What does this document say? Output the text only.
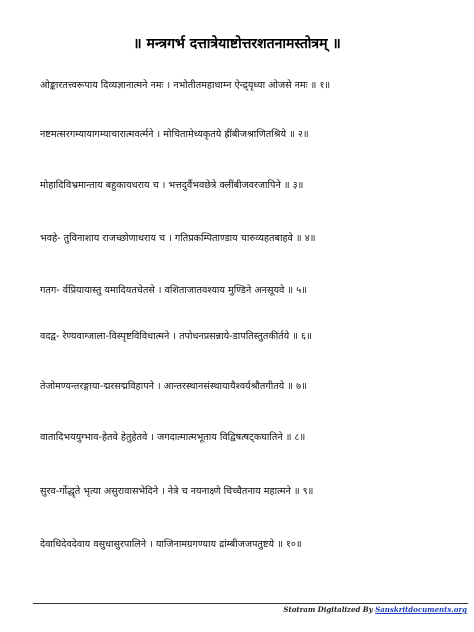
॥ मन्त्रगर्भ दत्तात्रेयाष्टोत्तरशतनामस्तोत्रम् ॥
ओङ्कारतत्त्वरूपाय दिव्यज्ञानात्मने नमः । नभोतीतमहाधाम्न ऐन्द्र्यृध्या ओजसे नमः ॥ १॥
नष्टमत्सरगम्यायागम्याचारात्मवर्त्मने । मोचितामेध्यकृतये ह्रींबीजश्राणितश्रिये ॥ २॥
मोहादिविभ्रमान्ताय बहुकायधराय च । भत्तदुर्वैभवछेत्रे क्लींबीजवरजापिने ॥ ३॥
भवहे- तुविनाशाय राजच्छोणाधराय च । गतिप्रकम्पिताण्डाय चारुव्यहतबाहवे ॥ ४॥
गतग- र्वप्रियायास्तु यमादियतचेतसे । वशिताजातवश्याय मुण्डिने अनसूयवे ॥ ५॥
वदद्व- रेण्यवाग्जाला-विस्पृष्टविविधात्मने । तपोधनप्रसन्नाये-डापतिस्तुतकीर्तये ॥ ६॥
तेजोमण्यन्तरङ्गाया-द्मरसद्मविहापने । आन्तरस्थानसंस्थायायैश्वर्यश्रौतगीतये ॥ ७॥
वातादिभययुग्भाव-हेतवे हेतुहेतवे । जगदात्मात्मभूताय विद्विषत्षट्कघातिने ॥ ८॥
सुरव-र्गोद्धृते भृत्या असुरावासभेदिने । नेत्रे च नयनाक्ष्णे चिच्चैतनाय महात्मने ॥ ९॥
देवाधिदेवदेवाय वसुधासुरपालिने । याजिनामग्रगण्याय द्रांम्बीजजपतुष्टये ॥ १०॥
Stotram Digitalized By Sanskritdocuments.org
